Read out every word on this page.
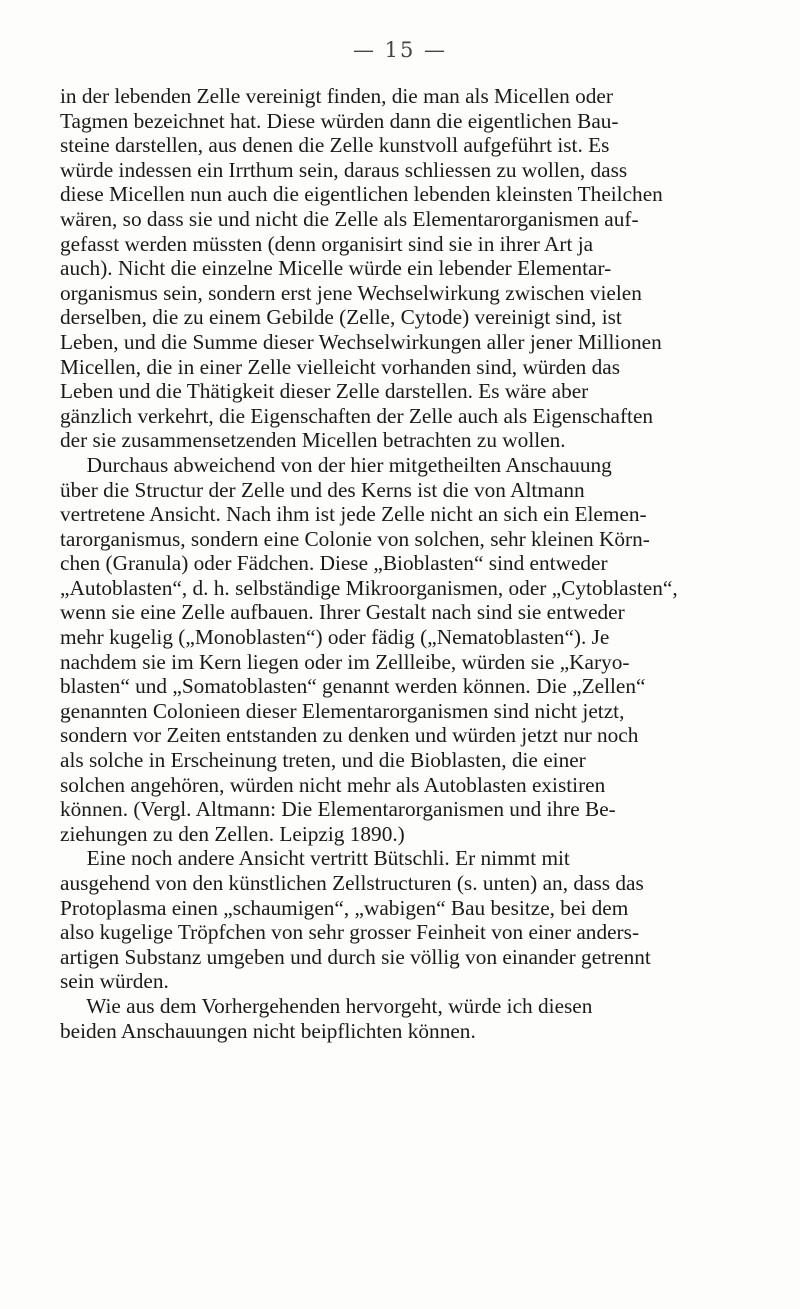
— 15 —
in der lebenden Zelle vereinigt finden, die man als Micellen oder
Tagmen bezeichnet hat. Diese würden dann die eigentlichen Bau-
steine darstellen, aus denen die Zelle kunstvoll aufgeführt ist. Es
würde indessen ein Irrthum sein, daraus schliessen zu wollen, dass
diese Micellen nun auch die eigentlichen lebenden kleinsten Theilchen
wären, so dass sie und nicht die Zelle als Elementarorganismen auf-
gefasst werden müssten (denn organisirt sind sie in ihrer Art ja
auch). Nicht die einzelne Micelle würde ein lebender Elementar-
organismus sein, sondern erst jene Wechselwirkung zwischen vielen
derselben, die zu einem Gebilde (Zelle, Cytode) vereinigt sind, ist
Leben, und die Summe dieser Wechselwirkungen aller jener Millionen
Micellen, die in einer Zelle vielleicht vorhanden sind, würden das
Leben und die Thätigkeit dieser Zelle darstellen. Es wäre aber
gänzlich verkehrt, die Eigenschaften der Zelle auch als Eigenschaften
der sie zusammensetzenden Micellen betrachten zu wollen.
Durchaus abweichend von der hier mitgetheilten Anschauung
über die Structur der Zelle und des Kerns ist die von Altmann
vertretene Ansicht. Nach ihm ist jede Zelle nicht an sich ein Elemen-
tarorganismus, sondern eine Colonie von solchen, sehr kleinen Körn-
chen (Granula) oder Fädchen. Diese „Bioblasten“ sind entweder
„Autoblasten“, d. h. selbständige Mikroorganismen, oder „Cytoblasten“,
wenn sie eine Zelle aufbauen. Ihrer Gestalt nach sind sie entweder
mehr kugelig („Monoblasten“) oder fädig („Nematoblasten“). Je
nachdem sie im Kern liegen oder im Zellleibe, würden sie „Karyo-
blasten“ und „Somatoblasten“ genannt werden können. Die „Zellen“
genannten Colonieen dieser Elementarorganismen sind nicht jetzt,
sondern vor Zeiten entstanden zu denken und würden jetzt nur noch
als solche in Erscheinung treten, und die Bioblasten, die einer
solchen angehören, würden nicht mehr als Autoblasten existiren
können. (Vergl. Altmann: Die Elementarorganismen und ihre Be-
ziehungen zu den Zellen. Leipzig 1890.)
Eine noch andere Ansicht vertritt Bütschli. Er nimmt mit
ausgehend von den künstlichen Zellstructuren (s. unten) an, dass das
Protoplasma einen „schaumigen“, „wabigen“ Bau besitze, bei dem
also kugelige Tröpfchen von sehr grosser Feinheit von einer anders-
artigen Substanz umgeben und durch sie völlig von einander getrennt
sein würden.
Wie aus dem Vorhergehenden hervorgeht, würde ich diesen
beiden Anschauungen nicht beipflichten können.
